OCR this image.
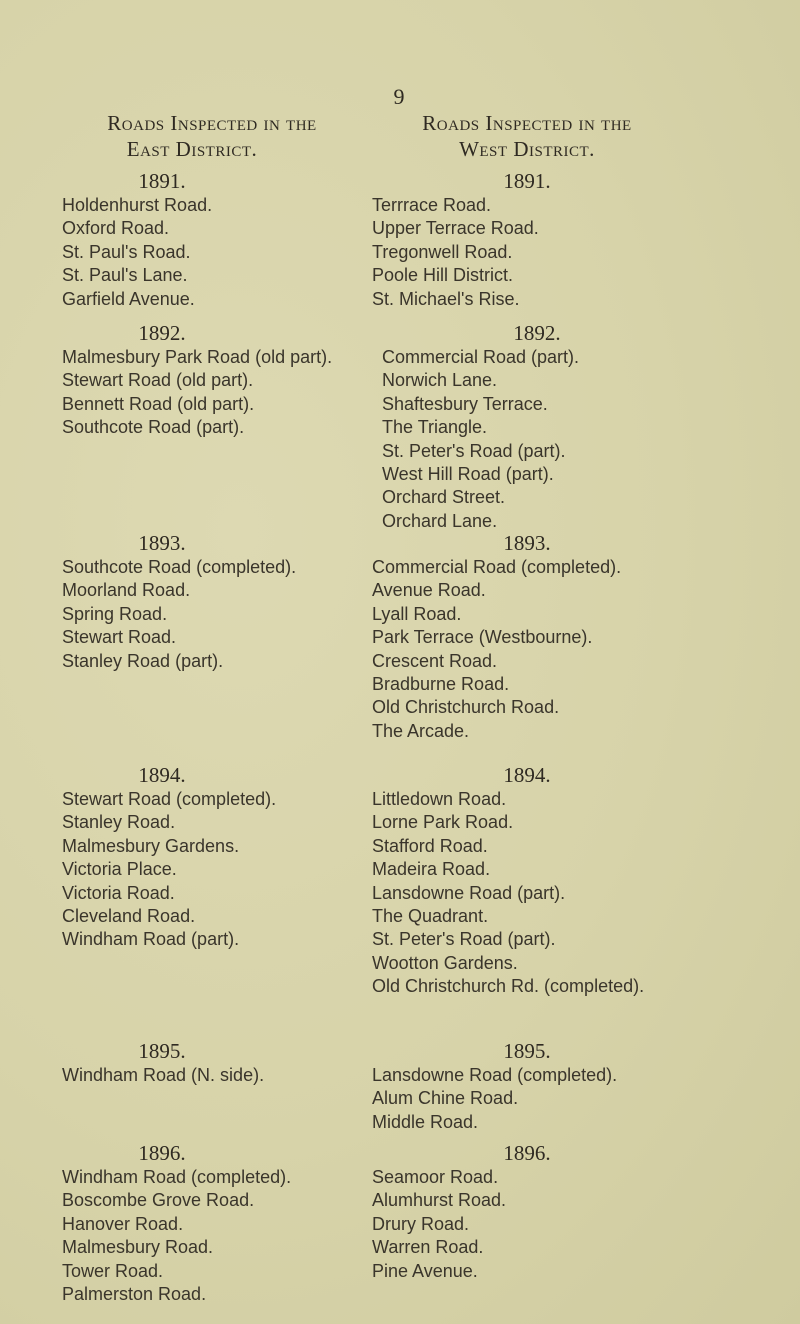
9
Roads Inspected in the
East District.
1891.
Holdenhurst Road.
Oxford Road.
St. Paul's Road.
St. Paul's Lane.
Garfield Avenue.
1892.
Malmesbury Park Road (old part).
Stewart Road (old part).
Bennett Road (old part).
Southcote Road (part).
1893.
Southcote Road (completed).
Moorland Road.
Spring Road.
Stewart Road.
Stanley Road (part).
1894.
Stewart Road (completed).
Stanley Road.
Malmesbury Gardens.
Victoria Place.
Victoria Road.
Cleveland Road.
Windham Road (part).
1895.
Windham Road (N. side).
1896.
Windham Road (completed).
Boscombe Grove Road.
Hanover Road.
Malmesbury Road.
Tower Road.
Palmerston Road.
Roads Inspected in the
West District.
1891.
Terrrace Road.
Upper Terrace Road.
Tregonwell Road.
Poole Hill District.
St. Michael's Rise.
1892.
Commercial Road (part).
Norwich Lane.
Shaftesbury Terrace.
The Triangle.
St. Peter's Road (part).
West Hill Road (part).
Orchard Street.
Orchard Lane.
1893.
Commercial Road (completed).
Avenue Road.
Lyall Road.
Park Terrace (Westbourne).
Crescent Road.
Bradburne Road.
Old Christchurch Road.
The Arcade.
1894.
Littledown Road.
Lorne Park Road.
Stafford Road.
Madeira Road.
Lansdowne Road (part).
The Quadrant.
St. Peter's Road (part).
Wootton Gardens.
Old Christchurch Rd. (completed).
1895.
Lansdowne Road (completed).
Alum Chine Road.
Middle Road.
1896.
Seamoor Road.
Alumhurst Road.
Drury Road.
Warren Road.
Pine Avenue.
